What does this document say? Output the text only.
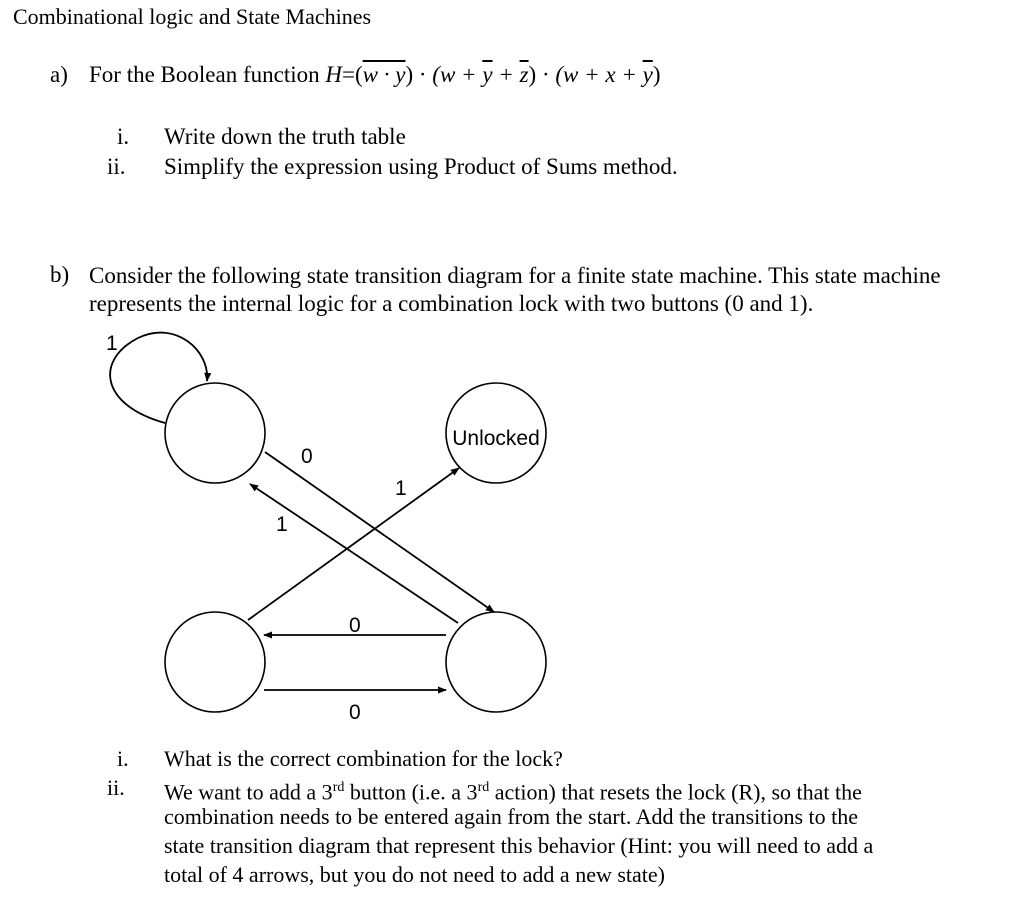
Combinational logic and State Machines
a) For the Boolean function $H=(w \cdot y) \cdot (w + \overline{y} + \overline{z}) \cdot (w + x + \overline{y})$
i. Write down the truth table
ii. Simplify the expression using Product of Sums method.
b) Consider the following state transition diagram for a finite state machine. This state machine represents the internal logic for a combination lock with two buttons (0 and 1).
1
0
1
1
0
0
Unlocked
i. What is the correct combination for the lock?
ii. We want to add a 3rd button (i.e. a 3rd action) that resets the lock (R), so that the
combination needs to be entered again from the start. Add the transitions to the
state transition diagram that represent this behavior (Hint: you will need to add a
total of 4 arrows, but you do not need to add a new state)
